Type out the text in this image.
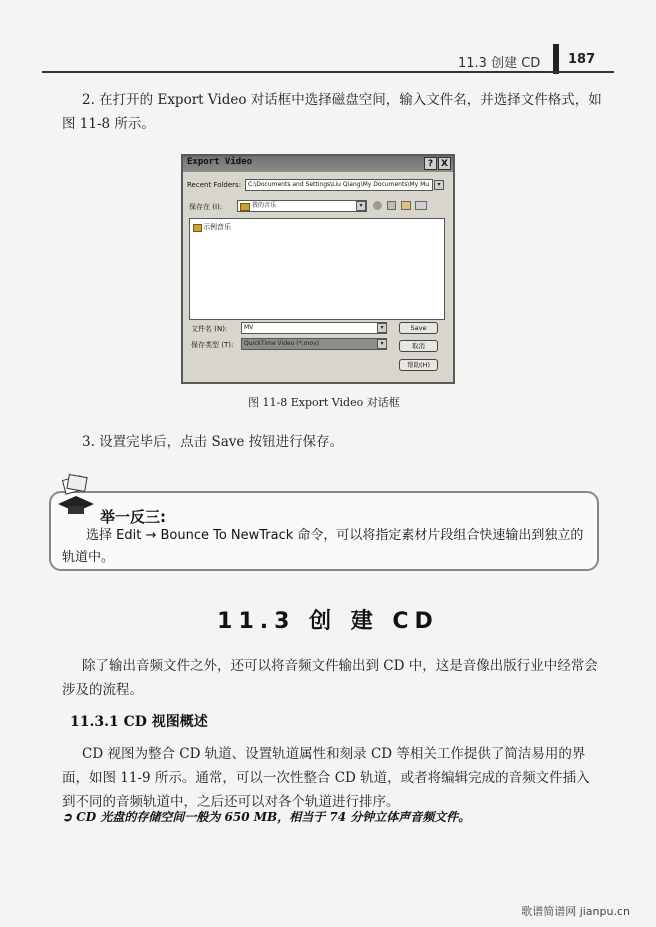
11.3 创建 CD 187

2. 在打开的 Export Video 对话框中选择磁盘空间，输入文件名，并选择文件格式，如图 11-8 所示。

Export Video	? X
Recent Folders:	C:\Documents and Settings\Liu Qiang\My Documents\My Mu	▾
保存在 (I):	我的音乐	▾
示例音乐
文件名 (N):	MV	▾	Save
保存类型 (T):	QuickTime Video (*.mov)	▾	取消
帮助(H)
图 11-8 Export Video 对话框

3. 设置完毕后，点击 Save 按钮进行保存。

举一反三:
选择 Edit → Bounce To NewTrack 命令，可以将指定素材片段组合快速输出到独立的轨道中。
11.3 创 建 CD

除了输出音频文件之外，还可以将音频文件输出到 CD 中，这是音像出版行业中经常会涉及的流程。

11.3.1 CD 视图概述

CD 视图为整合 CD 轨道、设置轨道属性和刻录 CD 等相关工作提供了简洁易用的界面，如图 11-9 所示。通常，可以一次性整合 CD 轨道，或者将编辑完成的音频文件插入到不同的音频轨道中，之后还可以对各个轨道进行排序。

➲ CD 光盘的存储空间一般为 650 MB，相当于 74 分钟立体声音频文件。
歌谱简谱网 jianpu.cn
